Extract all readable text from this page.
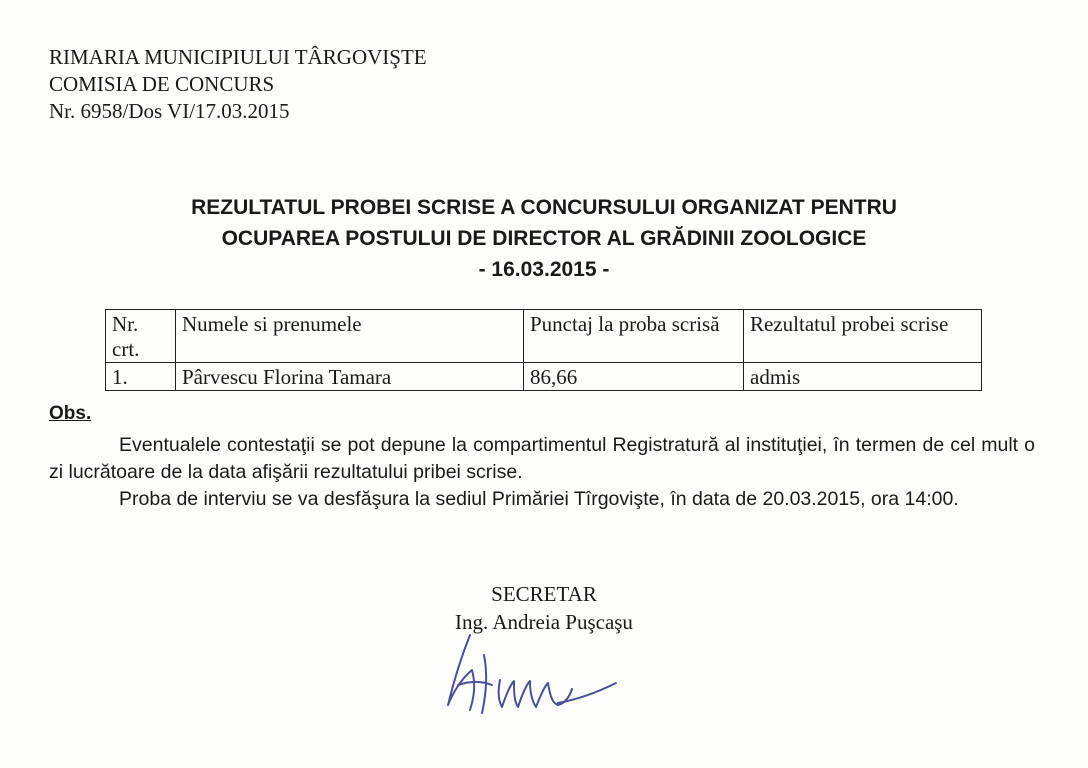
RIMARIA MUNICIPIULUI TÂRGOVIŞTE
COMISIA DE CONCURS
Nr. 6958/Dos VI/17.03.2015
REZULTATUL PROBEI SCRISE A CONCURSULUI ORGANIZAT PENTRU
OCUPAREA POSTULUI DE DIRECTOR AL GRĂDINII ZOOLOGICE
- 16.03.2015 -
Nr. crt.	Numele si prenumele	Punctaj la proba scrisă	Rezultatul probei scrise
1.	Pârvescu Florina Tamara	86,66	admis
Obs.

Eventualele contestaţii se pot depune la compartimentul Registratură al instituţiei, în termen de cel mult o zi lucrătoare de la data afişării rezultatului pribei scrise.

Proba de interviu se va desfăşura la sediul Primăriei Tîrgovişte, în data de 20.03.2015, ora 14:00.

SECRETAR
Ing. Andreia Puşcaşu
